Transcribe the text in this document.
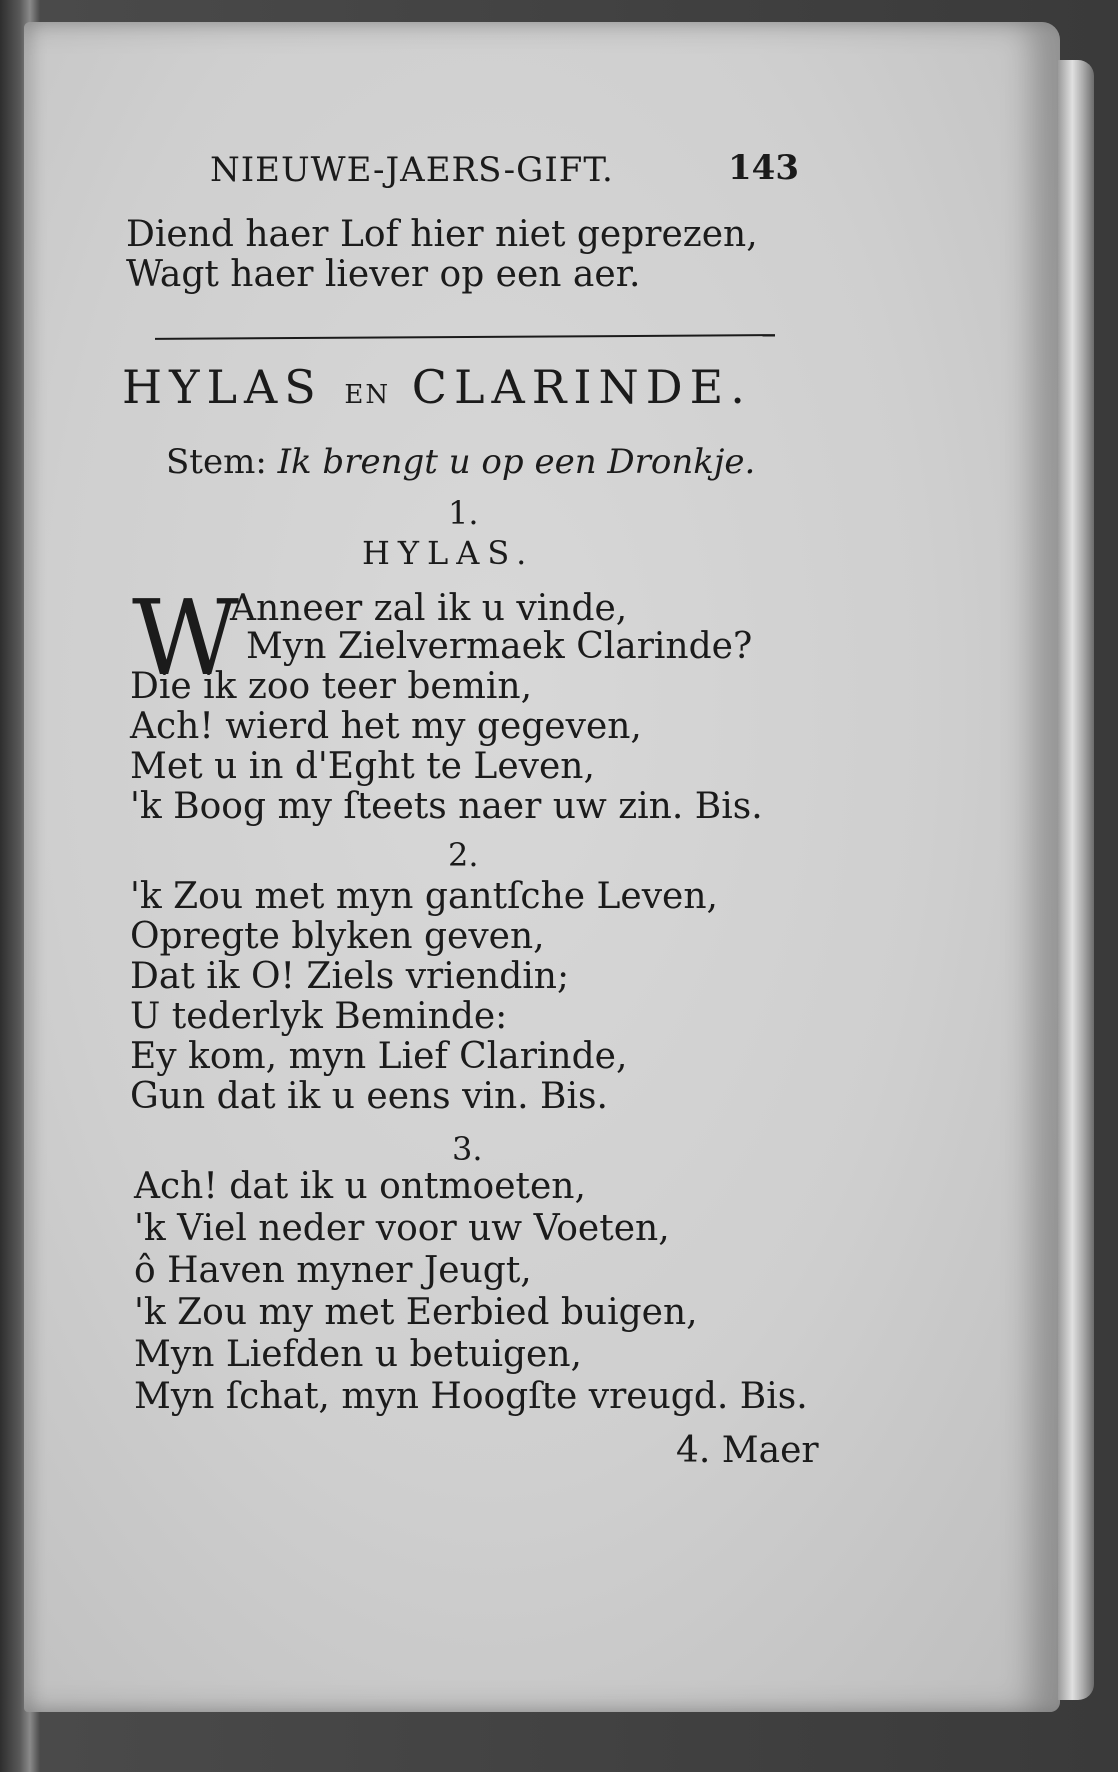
NIEUWE-JAERS-GIFT.	143
Diend haer Lof hier niet geprezen,
Wagt haer liever op een aer.
HYLAS EN CLARINDE.
Stem: Ik brengt u op een Dronkje.
1.
HYLAS.
W
Anneer zal ik u vinde,
Myn Zielvermaek Clarinde?
Die ik zoo teer bemin,
Ach! wierd het my gegeven,
Met u in d'Eght te Leven,
'k Boog my ſteets naer uw zin. Bis.
2.
'k Zou met myn gantſche Leven,
Opregte blyken geven,
Dat ik O! Ziels vriendin;
U tederlyk Beminde:
Ey kom, myn Lief Clarinde,
Gun dat ik u eens vin. Bis.
3.
Ach! dat ik u ontmoeten,
'k Viel neder voor uw Voeten,
ô Haven myner Jeugt,
'k Zou my met Eerbied buigen,
Myn Liefden u betuigen,
Myn ſchat, myn Hoogſte vreugd. Bis.
4. Maer
